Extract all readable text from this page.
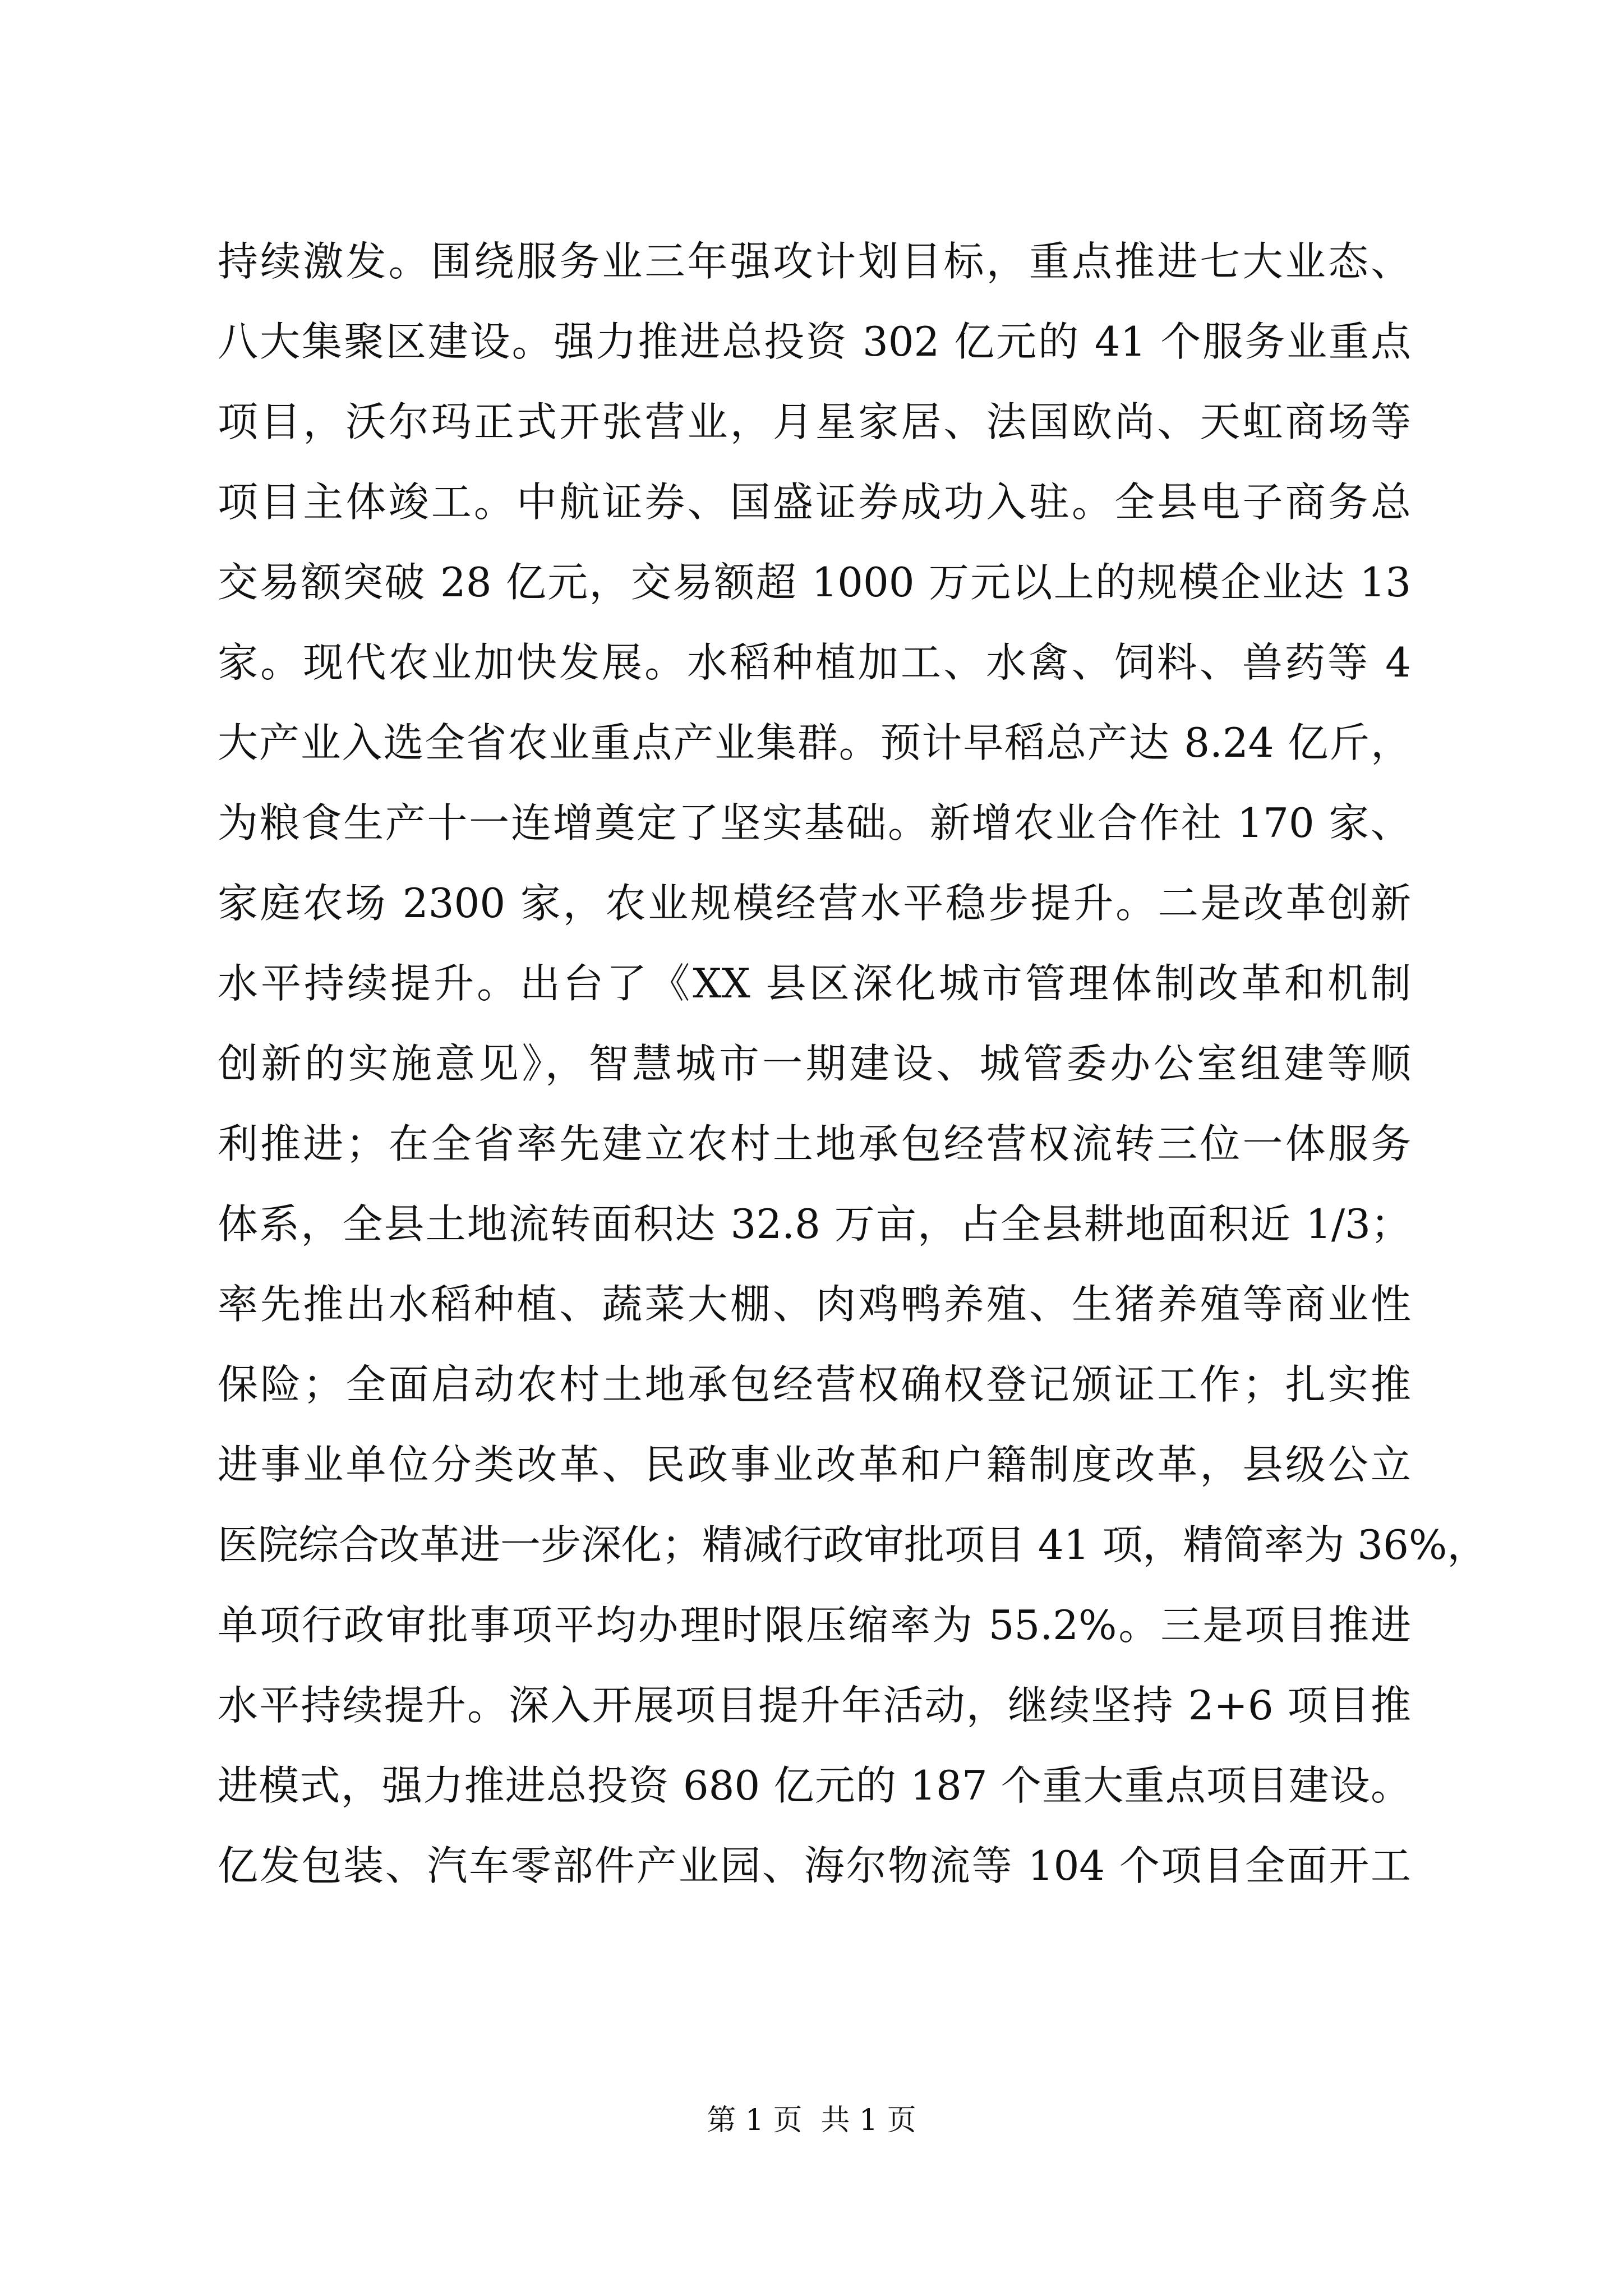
持续激发。围绕服务业三年强攻计划目标，重点推进七大业态、
八大集聚区建设。强力推进总投资 302 亿元的 41 个服务业重点
项目，沃尔玛正式开张营业，月星家居、法国欧尚、天虹商场等
项目主体竣工。中航证券、国盛证券成功入驻。全县电子商务总
交易额突破 28 亿元，交易额超 1000 万元以上的规模企业达 13
家。现代农业加快发展。水稻种植加工、水禽、饲料、兽药等 4
大产业入选全省农业重点产业集群。预计早稻总产达 8.24 亿斤，
为粮食生产十一连增奠定了坚实基础。新增农业合作社 170 家、
家庭农场 2300 家，农业规模经营水平稳步提升。二是改革创新
水平持续提升。出台了《XX 县区深化城市管理体制改革和机制
创新的实施意见》，智慧城市一期建设、城管委办公室组建等顺
利推进；在全省率先建立农村土地承包经营权流转三位一体服务
体系，全县土地流转面积达 32.8 万亩，占全县耕地面积近 1/3；
率先推出水稻种植、蔬菜大棚、肉鸡鸭养殖、生猪养殖等商业性
保险；全面启动农村土地承包经营权确权登记颁证工作；扎实推
进事业单位分类改革、民政事业改革和户籍制度改革，县级公立
医院综合改革进一步深化；精减行政审批项目 41 项，精简率为 36%，
单项行政审批事项平均办理时限压缩率为 55.2%。三是项目推进
水平持续提升。深入开展项目提升年活动，继续坚持 2+6 项目推
进模式，强力推进总投资 680 亿元的 187 个重大重点项目建设。
亿发包装、汽车零部件产业园、海尔物流等 104 个项目全面开工
第 1 页  共 1 页
